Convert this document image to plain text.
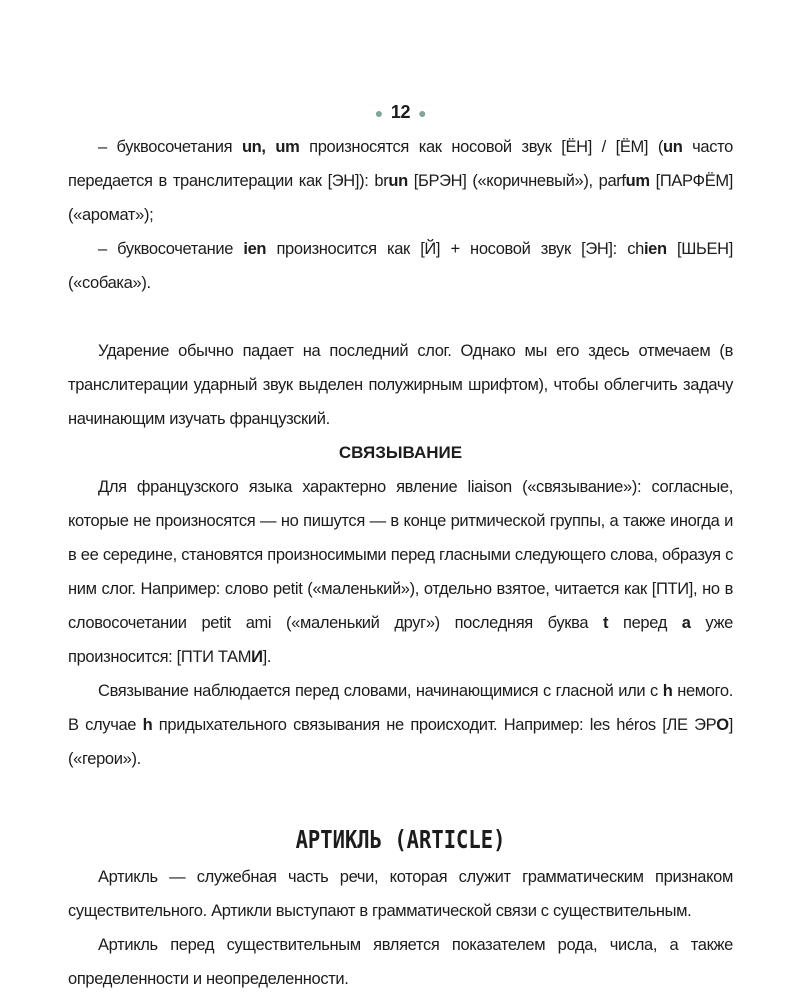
● 12 ●

– буквосочетания un, um произносятся как носовой звук [ЁН] / [ЁМ] (un часто передается в транслитерации как [ЭН]): brun [БРЭН] («коричневый»), parfum [ПАРФЁМ] («аромат»);

– буквосочетание ien произносится как [Й] + носовой звук [ЭН]: chien [ШЬЕН] («собака»).

Ударение обычно падает на последний слог. Однако мы его здесь отмечаем (в транслитерации ударный звук выделен полужирным шрифтом), чтобы облегчить задачу начинающим изучать французский.

СВЯЗЫВАНИЕ

Для французского языка характерно явление liaison («связывание»): согласные, которые не произносятся — но пишутся — в конце ритмической группы, а также иногда и в ее середине, становятся произносимыми перед гласными следующего слова, образуя с ним слог. Например: слово petit («маленький»), отдельно взятое, читается как [ПТИ], но в словосочетании petit ami («маленький друг») последняя буква t перед a уже произносится: [ПТИ ТАМИ].

Связывание наблюдается перед словами, начинающимися с гласной или с h немого. В случае h придыхательного связывания не происходит. Например: les héros [ЛЕ ЭРО] («герои»).

АРТИКЛЬ (ARTICLE)

Артикль — служебная часть речи, которая служит грамматическим признаком существительного. Артикли выступают в грамматической связи с существительным.

Артикль перед существительным является показателем рода, числа, а также определенности и неопределенности.
